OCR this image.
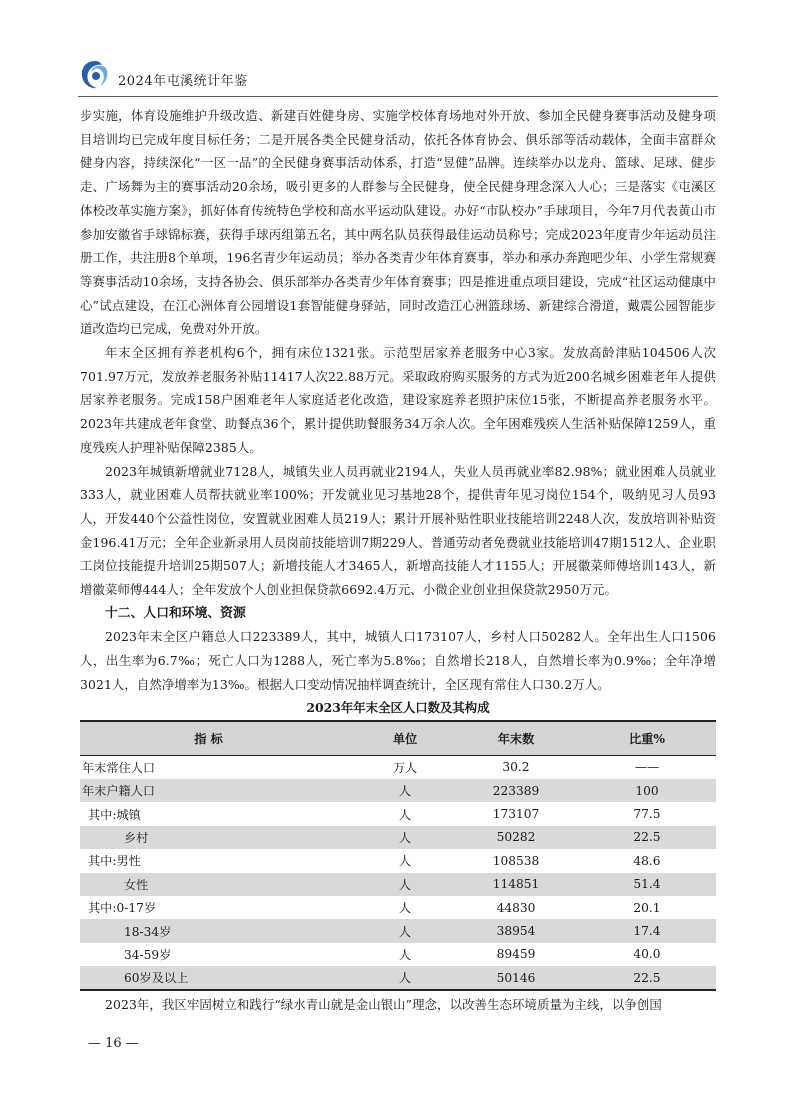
2024年屯溪统计年鉴

步实施，体育设施维护升级改造、新建百姓健身房、实施学校体育场地对外开放、参加全民健身赛事活动及健身项目培训均已完成年度目标任务；二是开展各类全民健身活动，依托各体育协会、俱乐部等活动载体，全面丰富群众健身内容，持续深化“一区一品”的全民健身赛事活动体系，打造“昱健”品牌。连续举办以龙舟、篮球、足球、健步走、广场舞为主的赛事活动20余场，吸引更多的人群参与全民健身，使全民健身理念深入人心；三是落实《屯溪区体校改革实施方案》，抓好体育传统特色学校和高水平运动队建设。办好“市队校办”手球项目，今年7月代表黄山市参加安徽省手球锦标赛，获得手球丙组第五名，其中两名队员获得最佳运动员称号；完成2023年度青少年运动员注册工作，共注册8个单项，196名青少年运动员；举办各类青少年体育赛事，举办和承办奔跑吧少年、小学生常规赛等赛事活动10余场，支持各协会、俱乐部举办各类青少年体育赛事；四是推进重点项目建设，完成“社区运动健康中心”试点建设，在江心洲体育公园增设1套智能健身驿站，同时改造江心洲篮球场、新建综合滑道，戴震公园智能步道改造均已完成，免费对外开放。

年末全区拥有养老机构6个，拥有床位1321张。示范型居家养老服务中心3家。发放高龄津贴104506人次701.97万元，发放养老服务补贴11417人次22.88万元。采取政府购买服务的方式为近200名城乡困难老年人提供居家养老服务。完成158户困难老年人家庭适老化改造，建设家庭养老照护床位15张，不断提高养老服务水平。2023年共建成老年食堂、助餐点36个，累计提供助餐服务34万余人次。全年困难残疾人生活补贴保障1259人，重度残疾人护理补贴保障2385人。

2023年城镇新增就业7128人，城镇失业人员再就业2194人，失业人员再就业率82.98%；就业困难人员就业333人，就业困难人员帮扶就业率100%；开发就业见习基地28个，提供青年见习岗位154个，吸纳见习人员93人，开发440个公益性岗位，安置就业困难人员219人；累计开展补贴性职业技能培训2248人次，发放培训补贴资金196.41万元；全年企业新录用人员岗前技能培训7期229人、普通劳动者免费就业技能培训47期1512人、企业职工岗位技能提升培训25期507人；新增技能人才3465人，新增高技能人才1155人；开展徽菜师傅培训143人，新增徽菜师傅444人；全年发放个人创业担保贷款6692.4万元、小微企业创业担保贷款2950万元。

十二、人口和环境、资源

2023年末全区户籍总人口223389人，其中，城镇人口173107人，乡村人口50282人。全年出生人口1506人，出生率为6.7‰；死亡人口为1288人，死亡率为5.8‰；自然增长218人，自然增长率为0.9‰；全年净增3021人，自然净增率为13‰。根据人口变动情况抽样调查统计，全区现有常住人口30.2万人。

2023年年末全区人口数及其构成
指 标	单位	年末数	比重%
年末常住人口	万人	30.2	——
年末户籍人口	人	223389	100
其中:城镇	人	173107	77.5
乡村	人	50282	22.5
其中:男性	人	108538	48.6
女性	人	114851	51.4
其中:0-17岁	人	44830	20.1
18-34岁	人	38954	17.4
34-59岁	人	89459	40.0
60岁及以上	人	50146	22.5

2023年，我区牢固树立和践行“绿水青山就是金山银山”理念，以改善生态环境质量为主线，以争创国

— 16 —
